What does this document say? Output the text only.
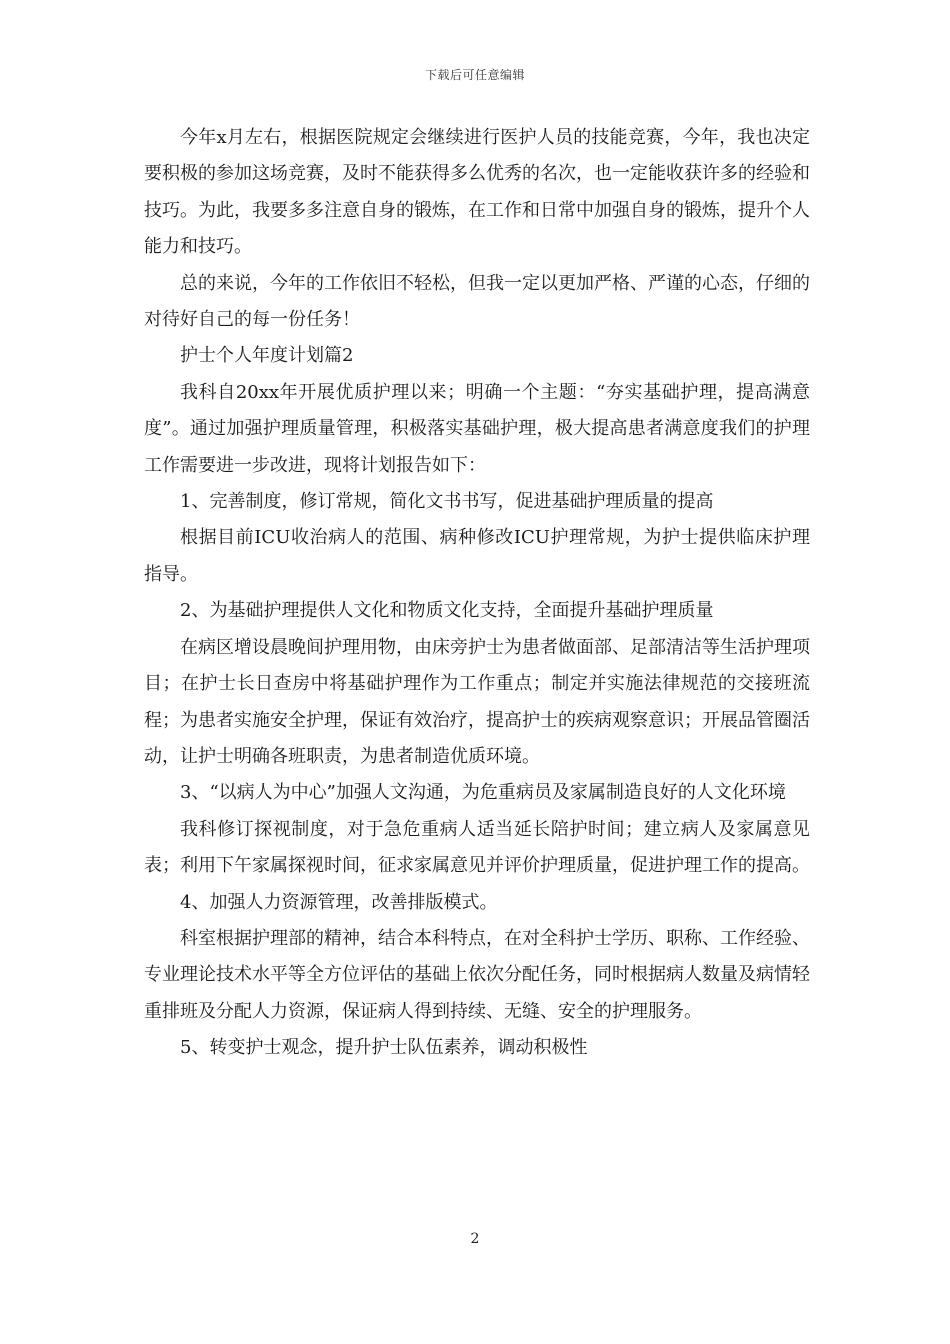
下载后可任意编辑

今年x月左右，根据医院规定会继续进行医护人员的技能竞赛，今年，我也决定要积极的参加这场竞赛，及时不能获得多么优秀的名次，也一定能收获许多的经验和技巧。为此，我要多多注意自身的锻炼，在工作和日常中加强自身的锻炼，提升个人能力和技巧。

总的来说，今年的工作依旧不轻松，但我一定以更加严格、严谨的心态，仔细的对待好自己的每一份任务！

护士个人年度计划篇2

我科自20xx年开展优质护理以来；明确一个主题：“夯实基础护理，提高满意度”。通过加强护理质量管理，积极落实基础护理，极大提高患者满意度我们的护理工作需要进一步改进，现将计划报告如下：

1、完善制度，修订常规，简化文书书写，促进基础护理质量的提高

根据目前ICU收治病人的范围、病种修改ICU护理常规，为护士提供临床护理指导。

2、为基础护理提供人文化和物质文化支持，全面提升基础护理质量

在病区增设晨晚间护理用物，由床旁护士为患者做面部、足部清洁等生活护理项目；在护士长日查房中将基础护理作为工作重点；制定并实施法律规范的交接班流程；为患者实施安全护理，保证有效治疗，提高护士的疾病观察意识；开展品管圈活动，让护士明确各班职责，为患者制造优质环境。

3、“以病人为中心”加强人文沟通，为危重病员及家属制造良好的人文化环境

我科修订探视制度，对于急危重病人适当延长陪护时间；建立病人及家属意见表；利用下午家属探视时间，征求家属意见并评价护理质量，促进护理工作的提高。

4、加强人力资源管理，改善排版模式。

科室根据护理部的精神，结合本科特点，在对全科护士学历、职称、工作经验、专业理论技术水平等全方位评估的基础上依次分配任务，同时根据病人数量及病情轻重排班及分配人力资源，保证病人得到持续、无缝、安全的护理服务。

5、转变护士观念，提升护士队伍素养，调动积极性

2
